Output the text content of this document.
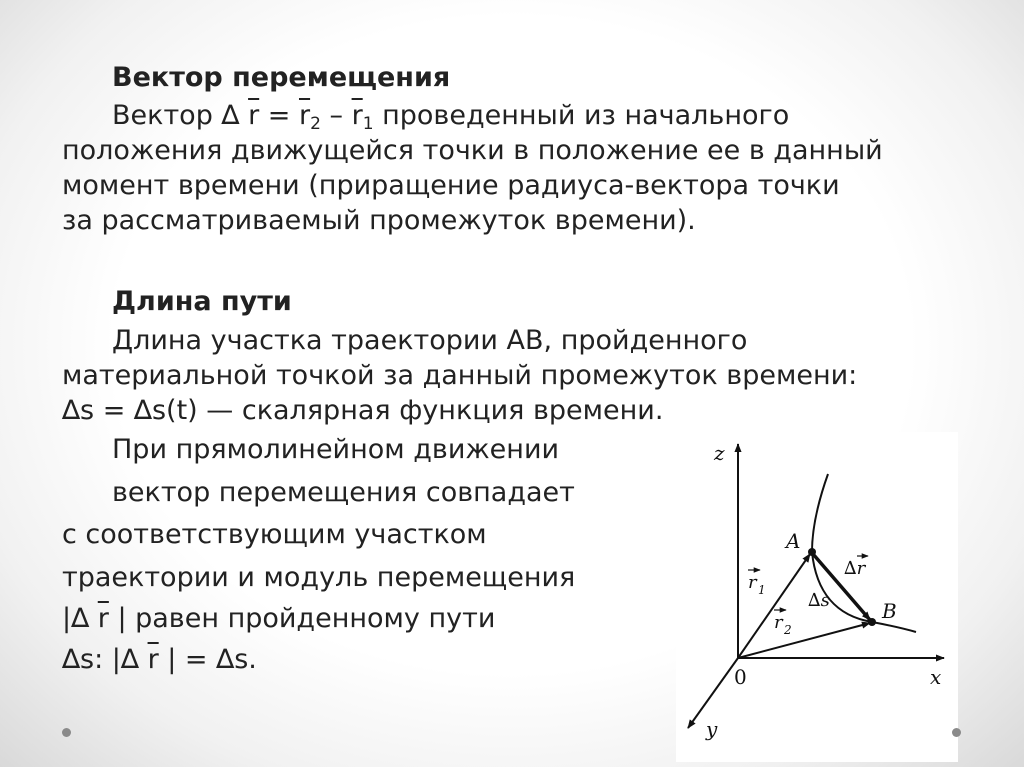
Вектор перемещения
Вектор ∆ $\overline{r} = \overline{r}_2 - \overline{r}_1$ проведенный из начального
положения движущейся точки в положение ее в данный
момент времени (приращение радиуса-вектора точки
за рассматриваемый промежуток времени).
Длина пути
Длина участка траектории АВ, пройденного
материальной точкой за данный промежуток времени:
∆s = ∆s(t) — скалярная функция времени.
При прямолинейном движении
вектор перемещения совпадает
с соответствующим участком
траектории и модуль перемещения
|∆ $\overline{r}$ | равен пройденному пути
∆s: |∆ $\overline{r}$ | = ∆s.
z
x
y
0
A
B
r 1
r 2
∆r
∆s
